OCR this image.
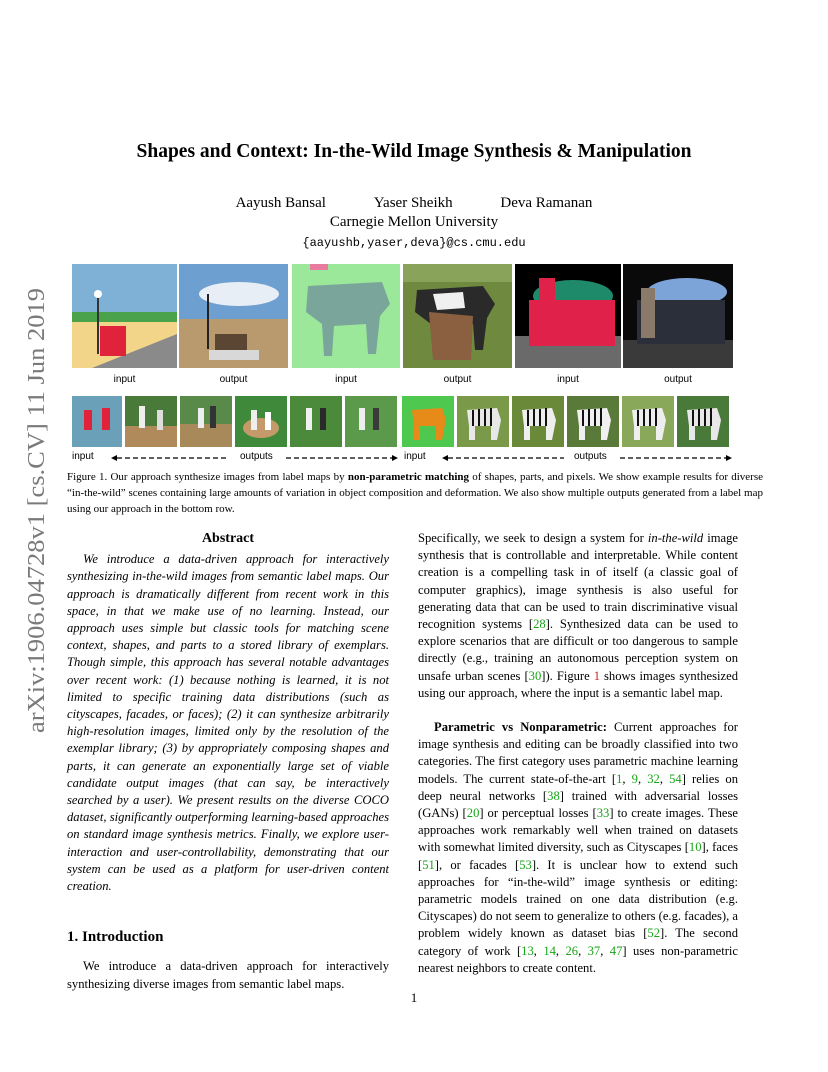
arXiv:1906.04728v1 [cs.CV] 11 Jun 2019
Shapes and Context: In-the-Wild Image Synthesis & Manipulation
Aayush Bansal	Yaser Sheikh	Deva Ramanan
Carnegie Mellon University
{aayushb,yaser,deva}@cs.cmu.edu
input	output	input	output	input	output
input	outputs	input	outputs
Figure 1. Our approach synthesize images from label maps by non-parametric matching of shapes, parts, and pixels. We show example results for diverse “in-the-wild” scenes containing large amounts of variation in object composition and deformation. We also show multiple outputs generated from a label map using our approach in the bottom row.

Abstract

We introduce a data-driven approach for interactively synthesizing in-the-wild images from semantic label maps. Our approach is dramatically different from recent work in this space, in that we make use of no learning. Instead, our approach uses simple but classic tools for matching scene context, shapes, and parts to a stored library of exemplars. Though simple, this approach has several notable advantages over recent work: (1) because nothing is learned, it is not limited to specific training data distributions (such as cityscapes, facades, or faces); (2) it can synthesize arbitrarily high-resolution images, limited only by the resolution of the exemplar library; (3) by appropriately composing shapes and parts, it can generate an exponentially large set of viable candidate output images (that can say, be interactively searched by a user). We present results on the diverse COCO dataset, significantly outperforming learning-based approaches on standard image synthesis metrics. Finally, we explore user-interaction and user-controllability, demonstrating that our system can be used as a platform for user-driven content creation.

1. Introduction

We introduce a data-driven approach for interactively synthesizing diverse images from semantic label maps.

Specifically, we seek to design a system for in-the-wild image synthesis that is controllable and interpretable. While content creation is a compelling task in of itself (a classic goal of computer graphics), image synthesis is also useful for generating data that can be used to train discriminative visual recognition systems [28]. Synthesized data can be used to explore scenarios that are difficult or too dangerous to sample directly (e.g., training an autonomous perception system on unsafe urban scenes [30]). Figure 1 shows images synthesized using our approach, where the input is a semantic label map.

Parametric vs Nonparametric: Current approaches for image synthesis and editing can be broadly classified into two categories. The first category uses parametric machine learning models. The current state-of-the-art [1, 9, 32, 54] relies on deep neural networks [38] trained with adversarial losses (GANs) [20] or perceptual losses [33] to create images. These approaches work remarkably well when trained on datasets with somewhat limited diversity, such as Cityscapes [10], faces [51], or facades [53]. It is unclear how to extend such approaches for “in-the-wild” image synthesis or editing: parametric models trained on one data distribution (e.g. Cityscapes) do not seem to generalize to others (e.g. facades), a problem widely known as dataset bias [52]. The second category of work [13, 14, 26, 37, 47] uses non-parametric nearest neighbors to create content.

1
